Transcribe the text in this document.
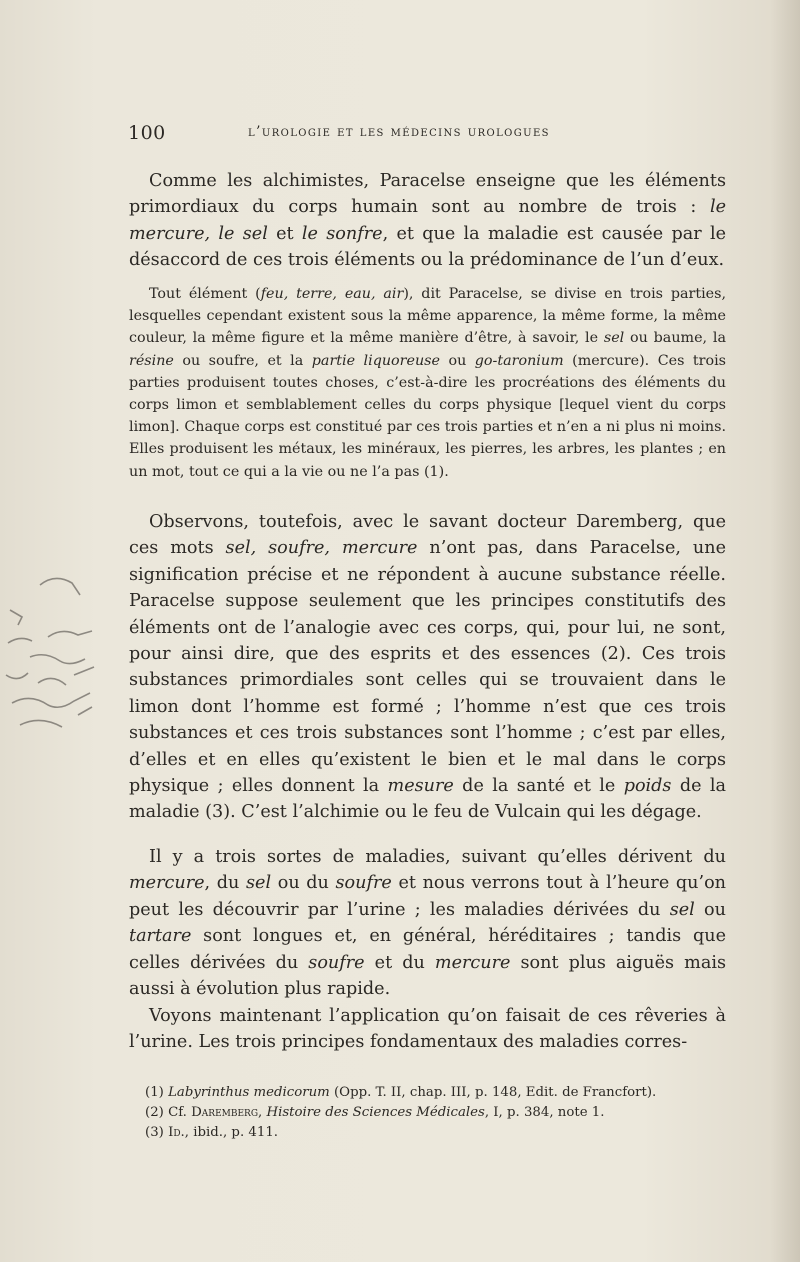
100	l’urologie et les médecins urologues

Comme les alchimistes, Paracelse enseigne que les éléments primordiaux du corps humain sont au nombre de trois : le mercure, le sel et le sonfre, et que la maladie est causée par le désaccord de ces trois éléments ou la prédominance de l’un d’eux.

Tout élément (feu, terre, eau, air), dit Paracelse, se divise en trois parties, lesquelles cependant existent sous la même apparence, la même forme, la même couleur, la même figure et la même manière d’être, à savoir, le sel ou baume, la résine ou soufre, et la partie liquoreuse ou go-taronium (mercure). Ces trois parties produisent toutes choses, c’est-à-dire les procréations des éléments du corps limon et semblablement celles du corps physique [lequel vient du corps limon]. Chaque corps est constitué par ces trois parties et n’en a ni plus ni moins. Elles produisent les métaux, les minéraux, les pierres, les arbres, les plantes ; en un mot, tout ce qui a la vie ou ne l’a pas (1).

Observons, toutefois, avec le savant docteur Daremberg, que ces mots sel, soufre, mercure n’ont pas, dans Paracelse, une signification précise et ne répondent à aucune substance réelle. Paracelse suppose seulement que les principes constitutifs des éléments ont de l’analogie avec ces corps, qui, pour lui, ne sont, pour ainsi dire, que des esprits et des essences (2). Ces trois substances primordiales sont celles qui se trouvaient dans le limon dont l’homme est formé ; l’homme n’est que ces trois substances et ces trois substances sont l’homme ; c’est par elles, d’elles et en elles qu’existent le bien et le mal dans le corps physique ; elles donnent la mesure de la santé et le poids de la maladie (3). C’est l’alchimie ou le feu de Vulcain qui les dégage.

Il y a trois sortes de maladies, suivant qu’elles dérivent du mercure, du sel ou du soufre et nous verrons tout à l’heure qu’on peut les découvrir par l’urine ; les maladies dérivées du sel ou tartare sont longues et, en général, héréditaires ; tandis que celles dérivées du soufre et du mercure sont plus aiguës mais aussi à évolution plus rapide.

Voyons maintenant l’application qu’on faisait de ces rêveries à l’urine. Les trois principes fondamentaux des maladies corres-

(1) Labyrinthus medicorum (Opp. T. II, chap. III, p. 148, Edit. de Francfort).
(2) Cf. Daremberg, Histoire des Sciences Médicales, I, p. 384, note 1.
(3) Id., ibid., p. 411.
